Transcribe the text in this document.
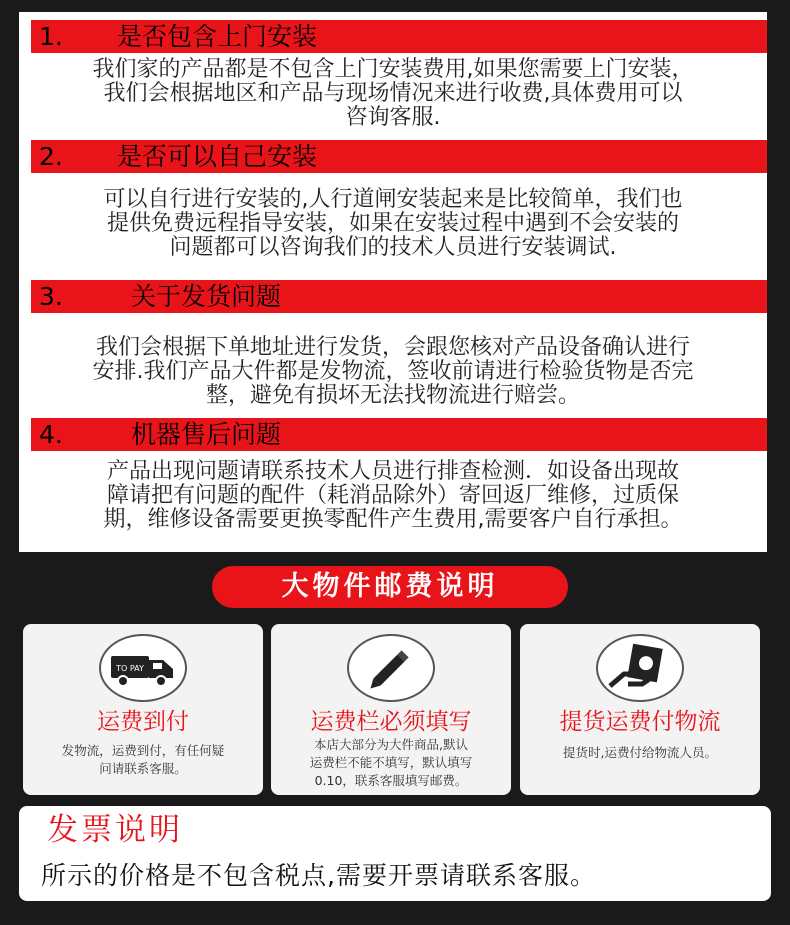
1. 是否包含上门安装
我们家的产品都是不包含上门安装费用,如果您需要上门安装，
我们会根据地区和产品与现场情况来进行收费,具体费用可以
咨询客服.
2. 是否可以自己安装
可以自行进行安装的,人行道闸安装起来是比较简单，我们也
提供免费远程指导安装，如果在安装过程中遇到不会安装的
问题都可以咨询我们的技术人员进行安装调试.
3.	关于发货问题
我们会根据下单地址进行发货，会跟您核对产品设备确认进行
安排.我们产品大件都是发物流，签收前请进行检验货物是否完
整，避免有损坏无法找物流进行赔尝。
4.	机器售后问题
产品出现问题请联系技术人员进行排查检测．如设备出现故
障请把有问题的配件（耗消品除外）寄回返厂维修，过质保
期，维修设备需要更换零配件产生费用,需要客户自行承担。
大物件邮费说明
TO PAY
运费到付
发物流，运费到付，有任何疑
问请联系客服。
运费栏必须填写
本店大部分为大件商品,默认
运费栏不能不填写，默认填写
0.10，联系客服填写邮费。
提货运费付物流
提货时,运费付给物流人员。
发票说明
所示的价格是不包含税点,需要开票请联系客服。
